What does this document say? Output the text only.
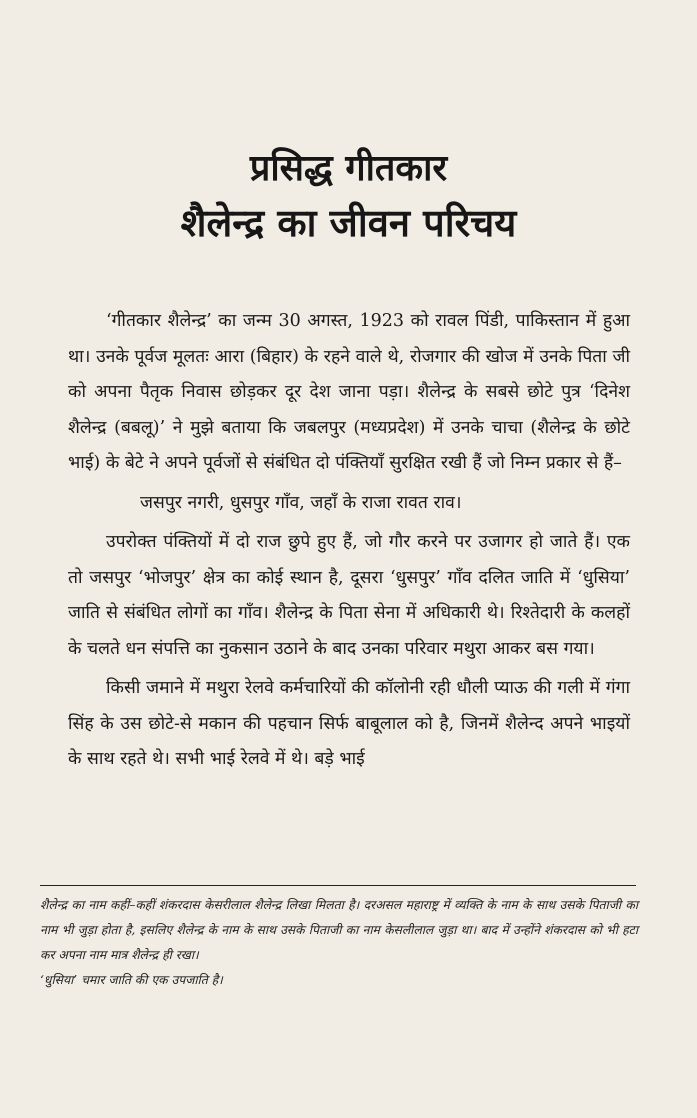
प्रसिद्ध गीतकार
शैलेन्द्र का जीवन परिचय

‘गीतकार शैलेन्द्र’ का जन्म 30 अगस्त, 1923 को रावल पिंडी, पाकिस्तान में हुआ था। उनके पूर्वज मूलतः आरा (बिहार) के रहने वाले थे, रोजगार की खोज में उनके पिता जी को अपना पैतृक निवास छोड़कर दूर देश जाना पड़ा। शैलेन्द्र के सबसे छोटे पुत्र ‘दिनेश शैलेन्द्र (बबलू)’ ने मुझे बताया कि जबलपुर (मध्यप्रदेश) में उनके चाचा (शैलेन्द्र के छोटे भाई) के बेटे ने अपने पूर्वजों से संबंधित दो पंक्तियाँ सुरक्षित रखी हैं जो निम्न प्रकार से हैं–

जसपुर नगरी, धुसपुर गाँव, जहाँ के राजा रावत राव।

उपरोक्त पंक्तियों में दो राज छुपे हुए हैं, जो गौर करने पर उजागर हो जाते हैं। एक तो जसपुर ‘भोजपुर’ क्षेत्र का कोई स्थान है, दूसरा ‘धुसपुर’ गाँव दलित जाति में ‘धुसिया’ जाति से संबंधित लोगों का गाँव। शैलेन्द्र के पिता सेना में अधिकारी थे। रिश्तेदारी के कलहों के चलते धन संपत्ति का नुकसान उठाने के बाद उनका परिवार मथुरा आकर बस गया।

किसी जमाने में मथुरा रेलवे कर्मचारियों की कॉलोनी रही धौली प्याऊ की गली में गंगा सिंह के उस छोटे-से मकान की पहचान सिर्फ बाबूलाल को है, जिनमें शैलेन्द अपने भाइयों के साथ रहते थे। सभी भाई रेलवे में थे। बड़े भाई

शैलेन्द्र का नाम कहीं–कहीं शंकरदास केसरीलाल शैलेन्द्र लिखा मिलता है। दरअसल महाराष्ट्र में व्यक्ति के नाम के साथ उसके पिताजी का नाम भी जुड़ा होता है, इसलिए शैलेन्द्र के नाम के साथ उसके पिताजी का नाम केसलीलाल जुड़ा था। बाद में उन्होंने शंकरदास को भी हटा कर अपना नाम मात्र शैलेन्द्र ही रखा।

‘धुसिया’ चमार जाति की एक उपजाति है।
